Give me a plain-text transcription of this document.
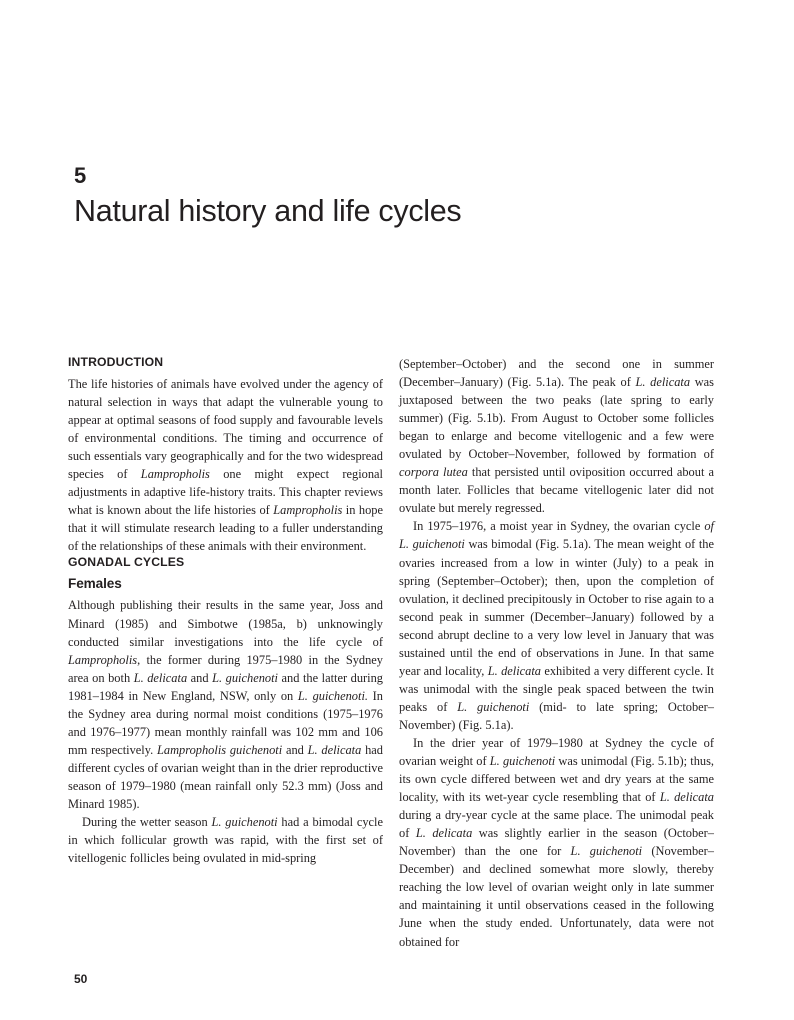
5
Natural history and life cycles
INTRODUCTION

The life histories of animals have evolved under the agency of natural selection in ways that adapt the vulnerable young to appear at optimal seasons of food supply and favourable levels of environmental conditions. The timing and occurrence of such essentials vary geographically and for the two widespread species of Lampropholis one might expect regional adjustments in adaptive life-history traits. This chapter reviews what is known about the life histories of Lampropholis in hope that it will stimulate research leading to a fuller understanding of the relationships of these animals with their environment.

GONADAL CYCLES
Females

Although publishing their results in the same year, Joss and Minard (1985) and Simbotwe (1985a, b) unknowingly conducted similar investigations into the life cycle of Lampropholis, the former during 1975–1980 in the Sydney area on both L. delicata and L. guichenoti and the latter during 1981–1984 in New England, NSW, only on L. guichenoti. In the Sydney area during normal moist conditions (1975–1976 and 1976–1977) mean monthly rainfall was 102 mm and 106 mm respectively. Lampropholis guichenoti and L. delicata had different cycles of ovarian weight than in the drier reproductive season of 1979–1980 (mean rainfall only 52.3 mm) (Joss and Minard 1985).

During the wetter season L. guichenoti had a bimodal cycle in which follicular growth was rapid, with the first set of vitellogenic follicles being ovulated in mid-spring

(September–October) and the second one in summer (December–January) (Fig. 5.1a). The peak of L. delicata was juxtaposed between the two peaks (late spring to early summer) (Fig. 5.1b). From August to October some follicles began to enlarge and become vitellogenic and a few were ovulated by October–November, followed by formation of corpora lutea that persisted until oviposition occurred about a month later. Follicles that became vitellogenic later did not ovulate but merely regressed.

In 1975–1976, a moist year in Sydney, the ovarian cycle of L. guichenoti was bimodal (Fig. 5.1a). The mean weight of the ovaries increased from a low in winter (July) to a peak in spring (September–October); then, upon the completion of ovulation, it declined precipitously in October to rise again to a second peak in summer (December–January) followed by a second abrupt decline to a very low level in January that was sustained until the end of observations in June. In that same year and locality, L. delicata exhibited a very different cycle. It was unimodal with the single peak spaced between the twin peaks of L. guichenoti (mid- to late spring; October–November) (Fig. 5.1a).

In the drier year of 1979–1980 at Sydney the cycle of ovarian weight of L. guichenoti was unimodal (Fig. 5.1b); thus, its own cycle differed between wet and dry years at the same locality, with its wet-year cycle resembling that of L. delicata during a dry-year cycle at the same place. The unimodal peak of L. delicata was slightly earlier in the season (October–November) than the one for L. guichenoti (November–December) and declined somewhat more slowly, thereby reaching the low level of ovarian weight only in late summer and maintaining it until observations ceased in the following June when the study ended. Unfortunately, data were not obtained for

50
